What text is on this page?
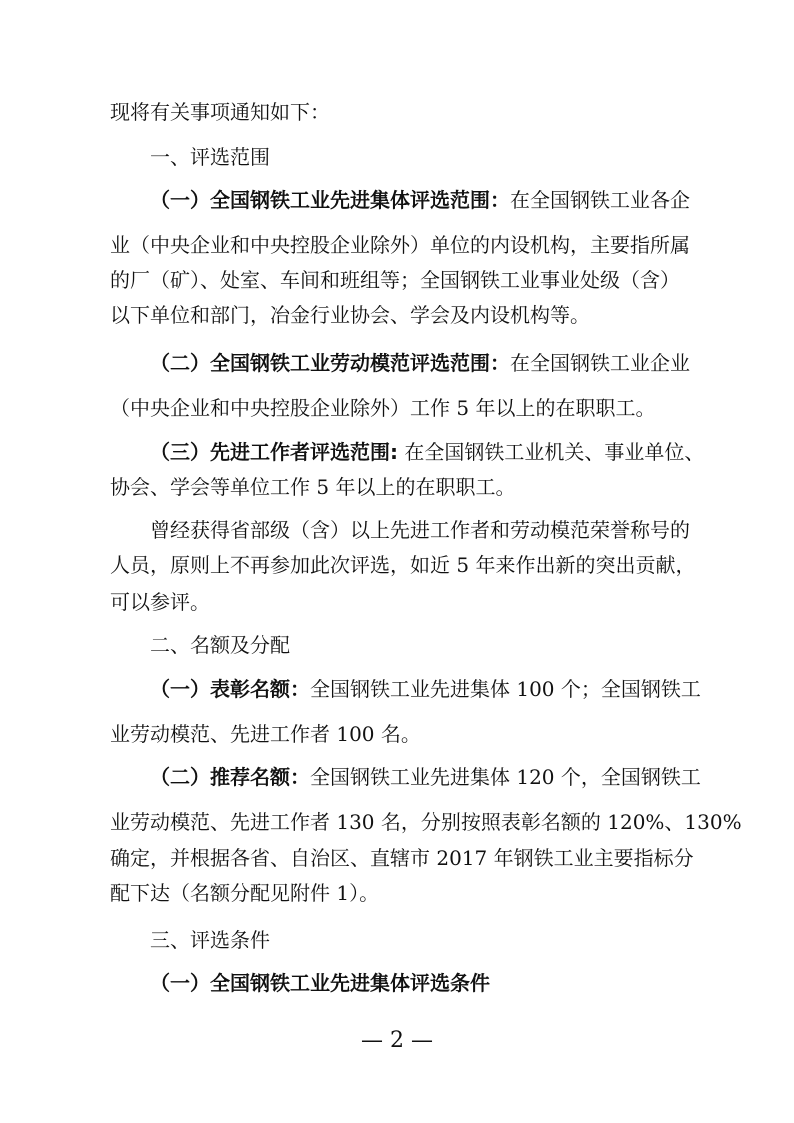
现将有关事项通知如下：
一、评选范围
（一）全国钢铁工业先进集体评选范围：在全国钢铁工业各企
业（中央企业和中央控股企业除外）单位的内设机构，主要指所属
的厂（矿）、处室、车间和班组等；全国钢铁工业事业处级（含）
以下单位和部门，冶金行业协会、学会及内设机构等。
（二）全国钢铁工业劳动模范评选范围：在全国钢铁工业企业
（中央企业和中央控股企业除外）工作 5 年以上的在职职工。
（三）先进工作者评选范围: 在全国钢铁工业机关、事业单位、
协会、学会等单位工作 5 年以上的在职职工。
曾经获得省部级（含）以上先进工作者和劳动模范荣誉称号的
人员，原则上不再参加此次评选，如近 5 年来作出新的突出贡献，
可以参评。
二、名额及分配
（一）表彰名额：全国钢铁工业先进集体 100 个；全国钢铁工
业劳动模范、先进工作者 100 名。
（二）推荐名额：全国钢铁工业先进集体 120 个，全国钢铁工
业劳动模范、先进工作者 130 名，分别按照表彰名额的 120%、130%
确定，并根据各省、自治区、直辖市 2017 年钢铁工业主要指标分
配下达（名额分配见附件 1）。
三、评选条件
（一）全国钢铁工业先进集体评选条件
— 2 —
